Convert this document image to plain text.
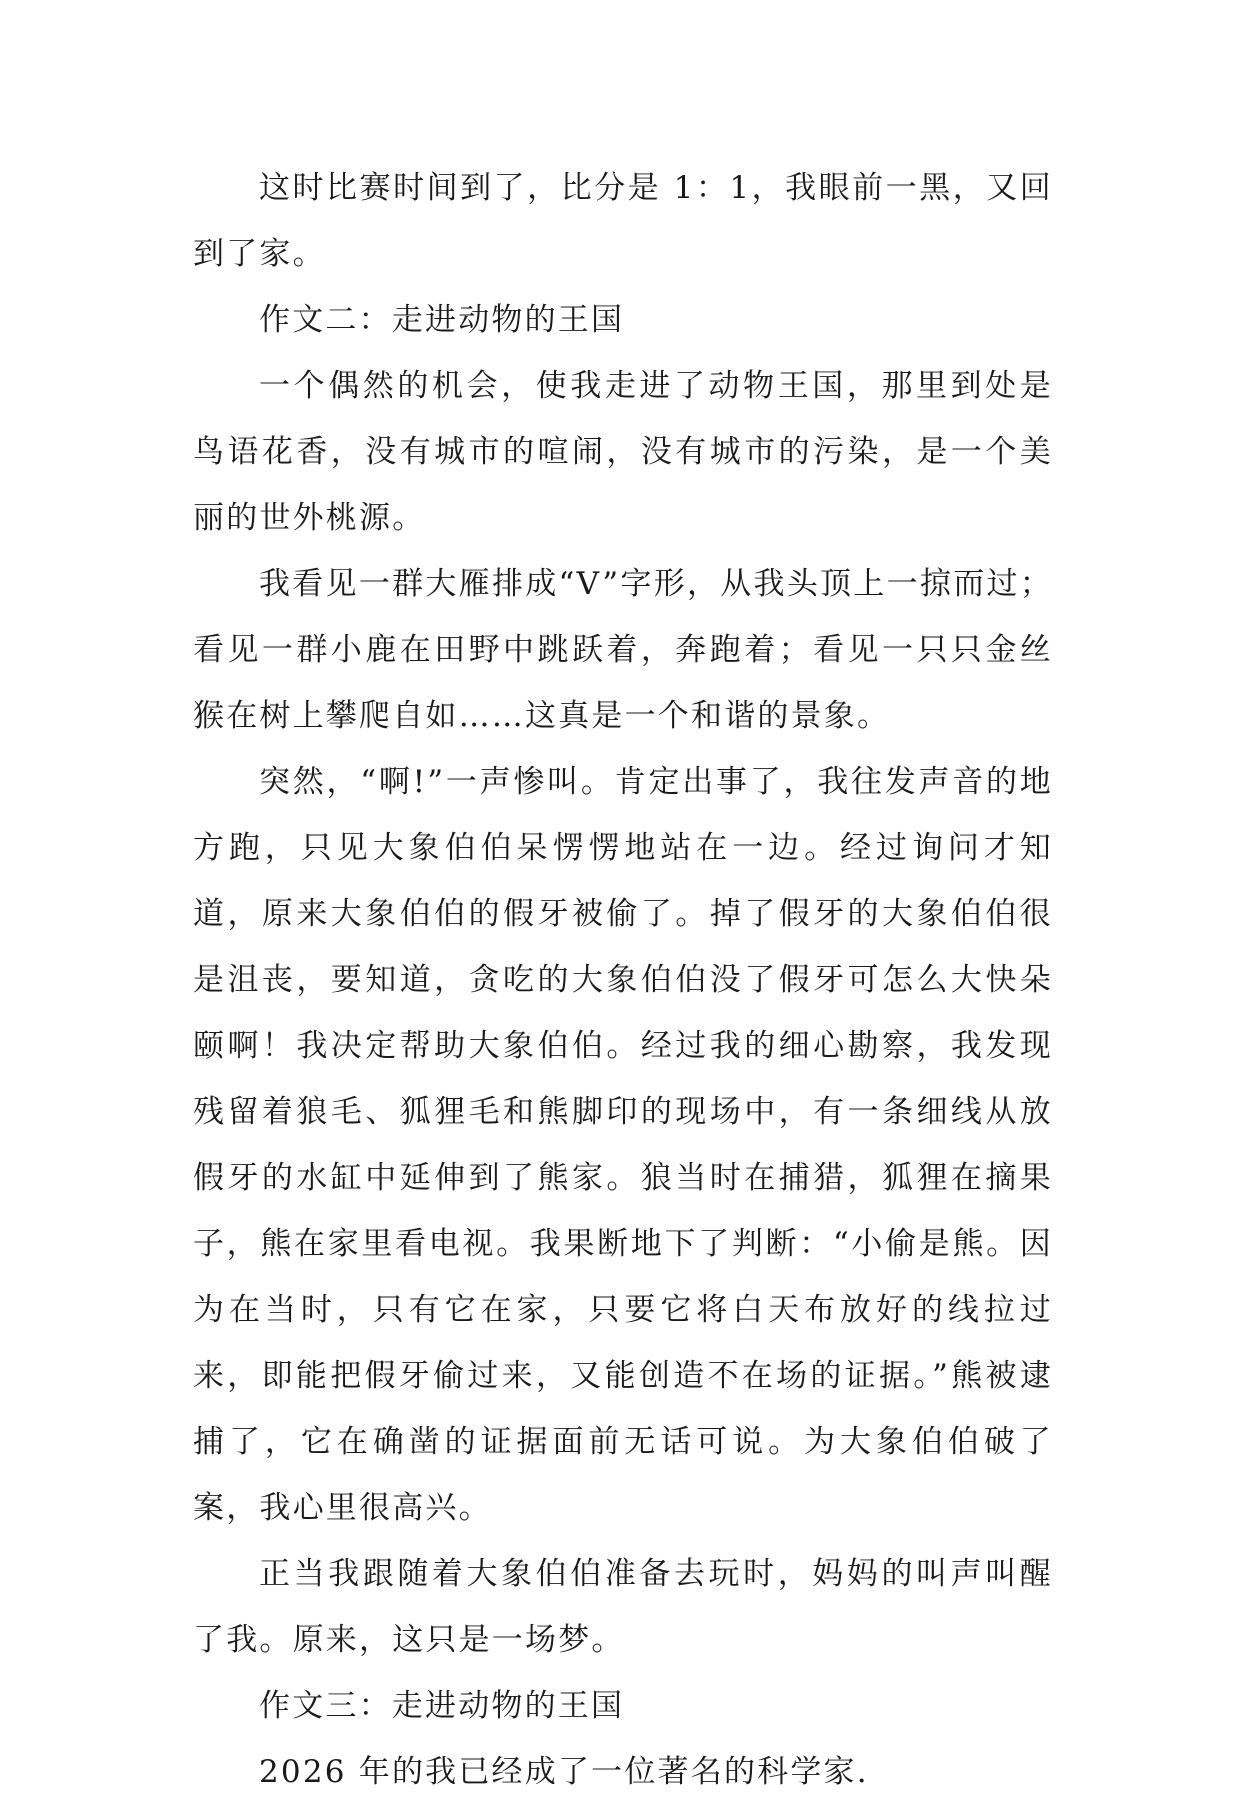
这时比赛时间到了，比分是 1：1，我眼前一黑，又回到了家。

作文二：走进动物的王国

一个偶然的机会，使我走进了动物王国，那里到处是鸟语花香，没有城市的喧闹，没有城市的污染，是一个美丽的世外桃源。

我看见一群大雁排成“V”字形，从我头顶上一掠而过；看见一群小鹿在田野中跳跃着，奔跑着；看见一只只金丝猴在树上攀爬自如……这真是一个和谐的景象。

突然，“啊!”一声惨叫。肯定出事了，我往发声音的地方跑，只见大象伯伯呆愣愣地站在一边。经过询问才知道，原来大象伯伯的假牙被偷了。掉了假牙的大象伯伯很是沮丧，要知道，贪吃的大象伯伯没了假牙可怎么大快朵颐啊！我决定帮助大象伯伯。经过我的细心勘察，我发现残留着狼毛、狐狸毛和熊脚印的现场中，有一条细线从放假牙的水缸中延伸到了熊家。狼当时在捕猎，狐狸在摘果子，熊在家里看电视。我果断地下了判断：“小偷是熊。因为在当时，只有它在家，只要它将白天布放好的线拉过来，即能把假牙偷过来，又能创造不在场的证据。”熊被逮捕了，它在确凿的证据面前无话可说。为大象伯伯破了案，我心里很高兴。

正当我跟随着大象伯伯准备去玩时，妈妈的叫声叫醒了我。原来，这只是一场梦。

作文三：走进动物的王国

2026 年的我已经成了一位著名的科学家.
